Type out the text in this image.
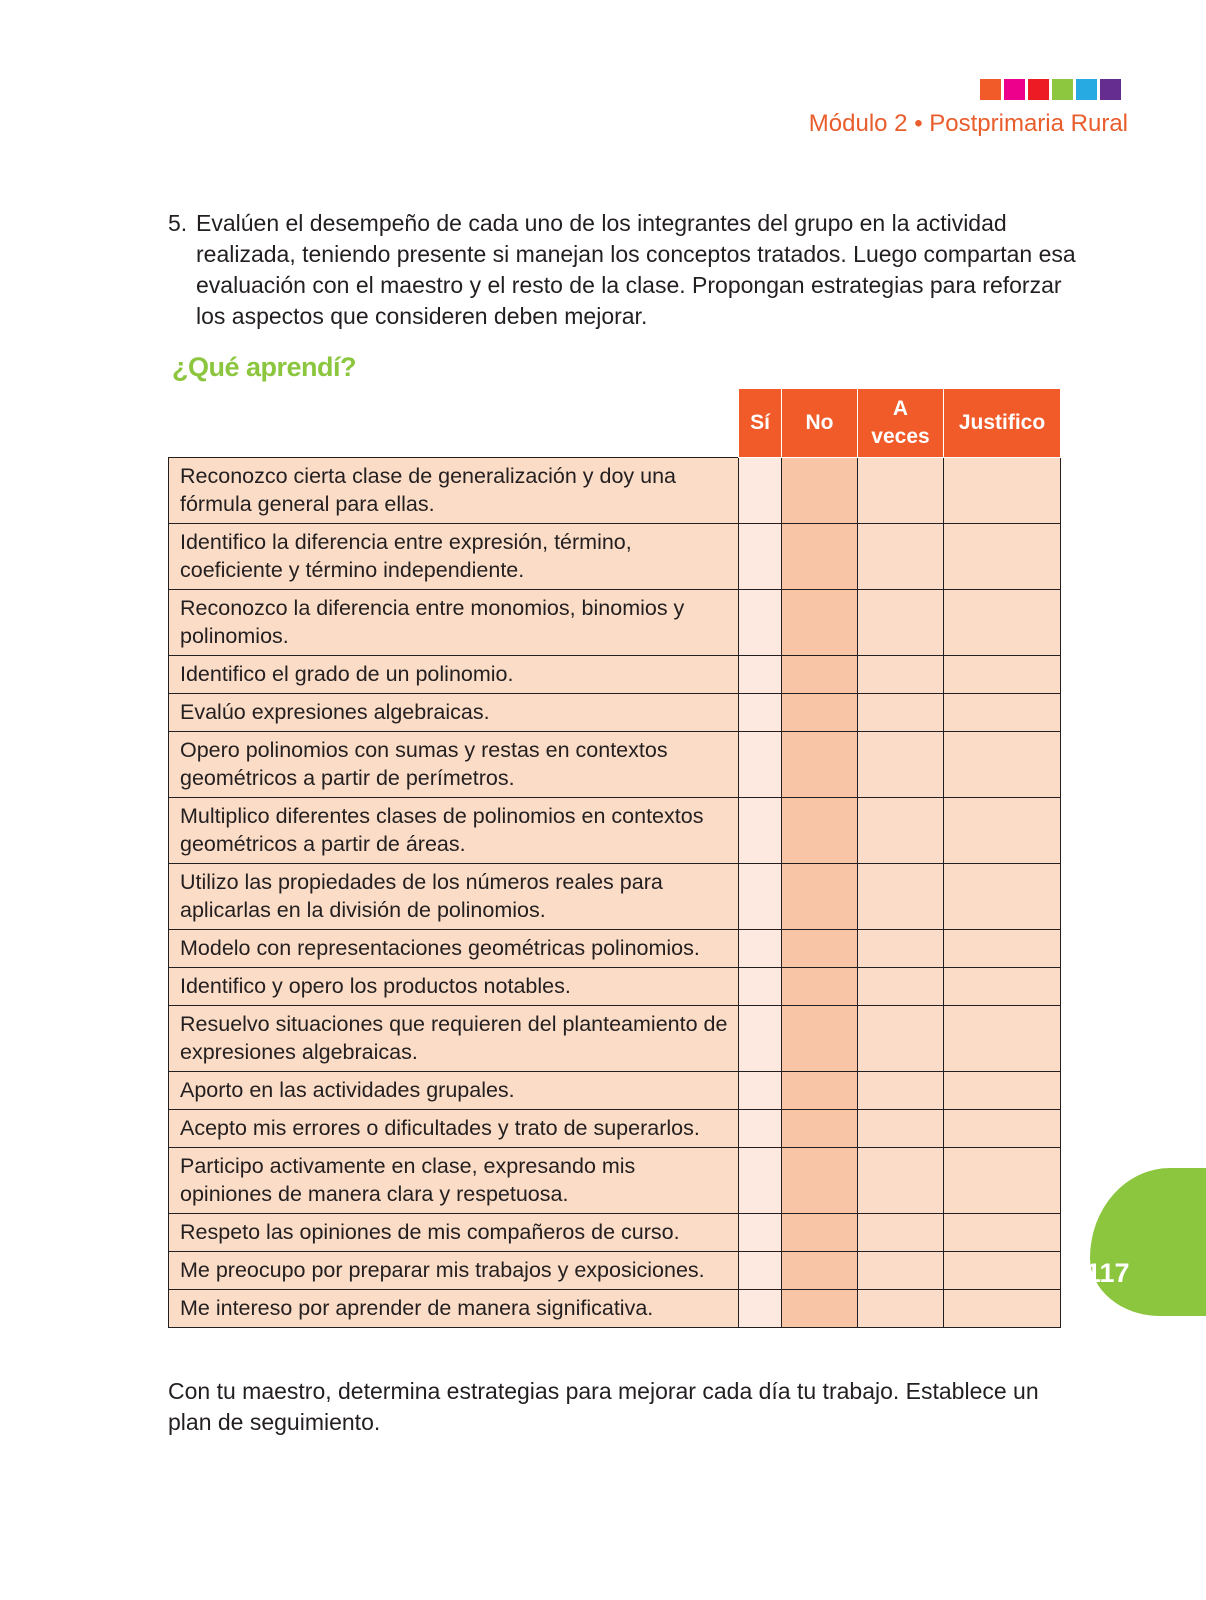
Módulo 2 • Postprimaria Rural
5. Evalúen el desempeño de cada uno de los integrantes del grupo en la actividad realizada, teniendo presente si manejan los conceptos tratados. Luego compartan esa evaluación con el maestro y el resto de la clase. Propongan estrategias para reforzar los aspectos que consideren deben mejorar.
¿Qué aprendí?
	Sí	No	A veces	Justifico
Reconozco cierta clase de generalización y doy una fórmula general para ellas.				
Identifico la diferencia entre expresión, término, coeficiente y término independiente.				
Reconozco la diferencia entre monomios, binomios y polinomios.				
Identifico el grado de un polinomio.				
Evalúo expresiones algebraicas.				
Opero polinomios con sumas y restas en contextos geométricos a partir de perímetros.				
Multiplico diferentes clases de polinomios en contextos geométricos a partir de áreas.				
Utilizo las propiedades de los números reales para aplicarlas en la división de polinomios.				
Modelo con representaciones geométricas polinomios.				
Identifico y opero los productos notables.				
Resuelvo situaciones que requieren del planteamiento de expresiones algebraicas.				
Aporto en las actividades grupales.				
Acepto mis errores o dificultades y trato de superarlos.				
Participo activamente en clase, expresando mis opiniones de manera clara y respetuosa.				
Respeto las opiniones de mis compañeros de curso.				
Me preocupo por preparar mis trabajos y exposiciones.				
Me intereso por aprender de manera significativa.				
Con tu maestro, determina estrategias para mejorar cada día tu trabajo. Establece un plan de seguimiento.
117
